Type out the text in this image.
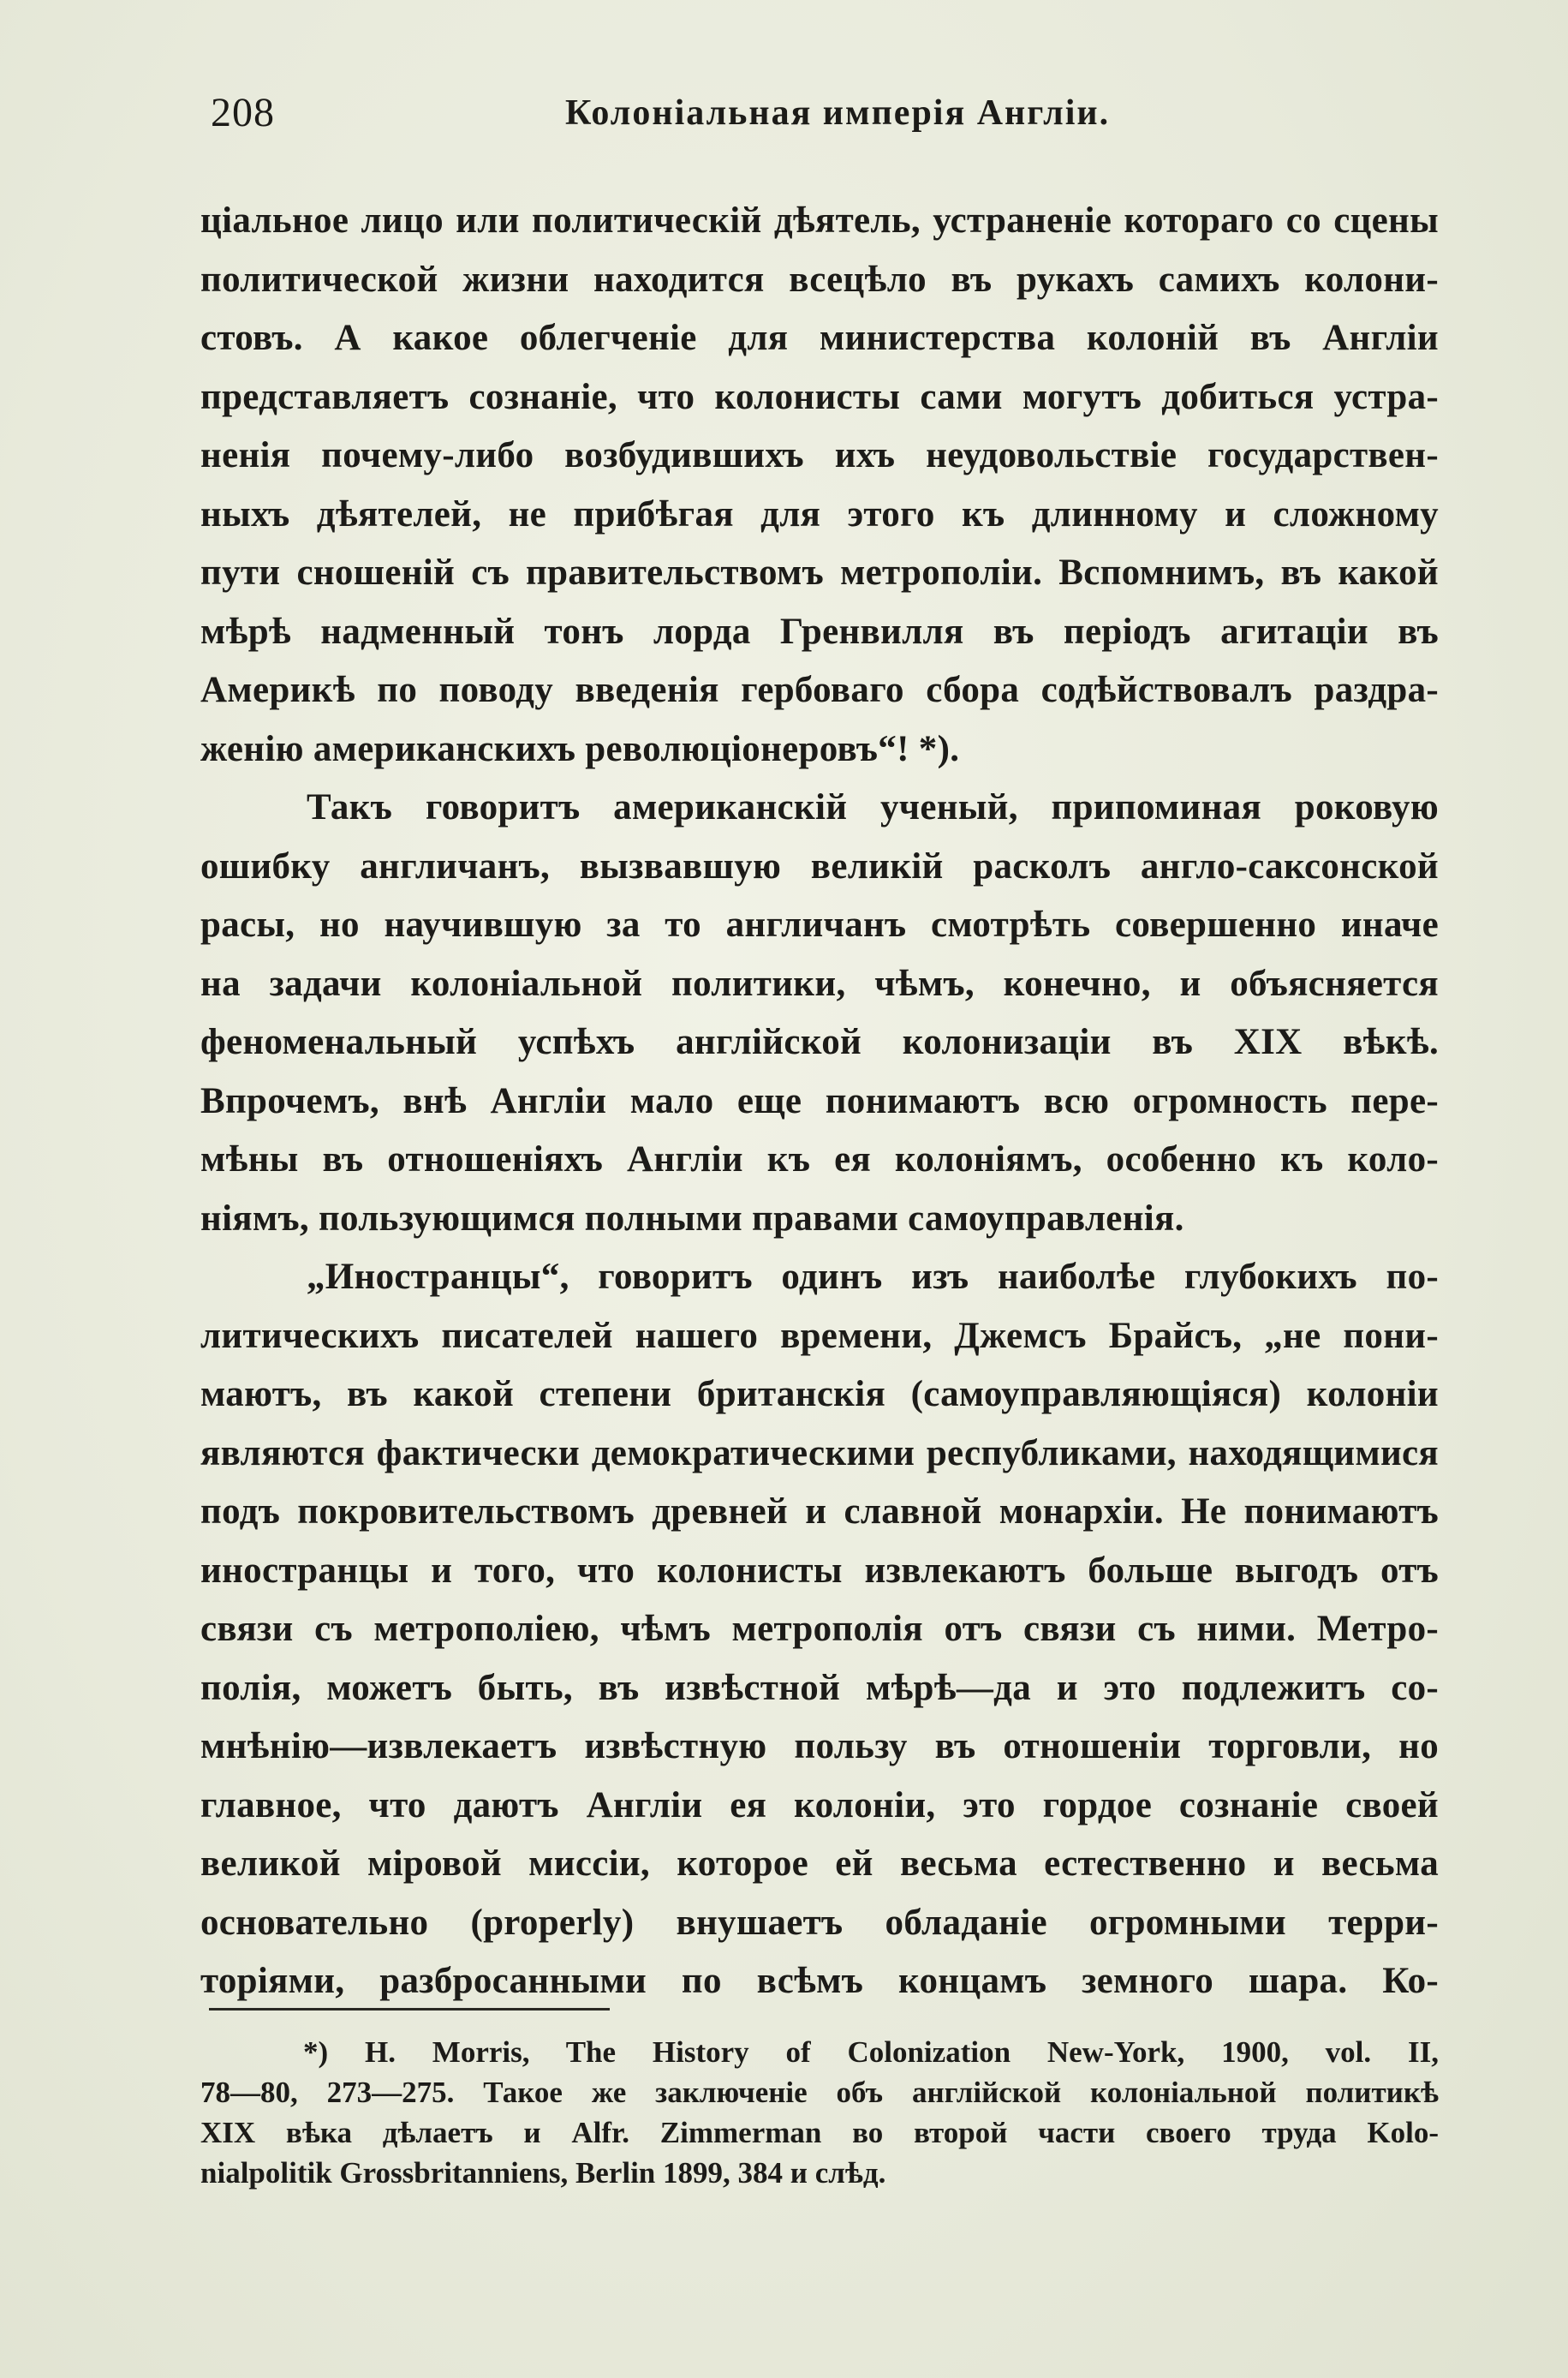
208	Колоніальная имперія Англіи.
ціальное лицо или политическій дѣятель, устраненіе котораго со сцены
политической жизни находится всецѣло въ рукахъ самихъ колони-
стовъ. А какое облегченіе для министерства колоній въ Англіи
представляетъ сознаніе, что колонисты сами могутъ добиться устра-
ненія почему-либо возбудившихъ ихъ неудовольствіе государствен-
ныхъ дѣятелей, не прибѣгая для этого къ длинному и сложному
пути сношеній съ правительствомъ метрополіи. Вспомнимъ, въ какой
мѣрѣ надменный тонъ лорда Гренвилля въ періодъ агитаціи въ
Америкѣ по поводу введенія гербоваго сбора содѣйствовалъ раздра-
женію американскихъ революціонеровъ“! *).
Такъ говоритъ американскій ученый, припоминая роковую
ошибку англичанъ, вызвавшую великій расколъ англо-саксонской
расы, но научившую за то англичанъ смотрѣть совершенно иначе
на задачи колоніальной политики, чѣмъ, конечно, и объясняется
феноменальный успѣхъ англійской колонизаціи въ XIX вѣкѣ.
Впрочемъ, внѣ Англіи мало еще понимаютъ всю огромность пере-
мѣны въ отношеніяхъ Англіи къ ея колоніямъ, особенно къ коло-
ніямъ, пользующимся полными правами самоуправленія.
„Иностранцы“, говоритъ одинъ изъ наиболѣе глубокихъ по-
литическихъ писателей нашего времени, Джемсъ Брайсъ, „не пони-
маютъ, въ какой степени британскія (самоуправляющіяся) колоніи
являются фактически демократическими республиками, находящимися
подъ покровительствомъ древней и славной монархіи. Не понимаютъ
иностранцы и того, что колонисты извлекаютъ больше выгодъ отъ
связи съ метрополіею, чѣмъ метрополія отъ связи съ ними. Метро-
полія, можетъ быть, въ извѣстной мѣрѣ—да и это подлежитъ со-
мнѣнію—извлекаетъ извѣстную пользу въ отношеніи торговли, но
главное, что даютъ Англіи ея колоніи, это гордое сознаніе своей
великой міровой миссіи, которое ей весьма естественно и весьма
основательно (properly) внушаетъ обладаніе огромными терри-
торіями, разбросанными по всѣмъ концамъ земного шара. Ко-
*) H. Morris, The History of Colonization New-York, 1900, vol. II,
78—80, 273—275. Такое же заключеніе объ англійской колоніальной политикѣ
XIX вѣка дѣлаетъ и Alfr. Zimmerman во второй части своего труда Kolo-
nialpolitik Grossbritanniens, Berlin 1899, 384 и слѣд.
